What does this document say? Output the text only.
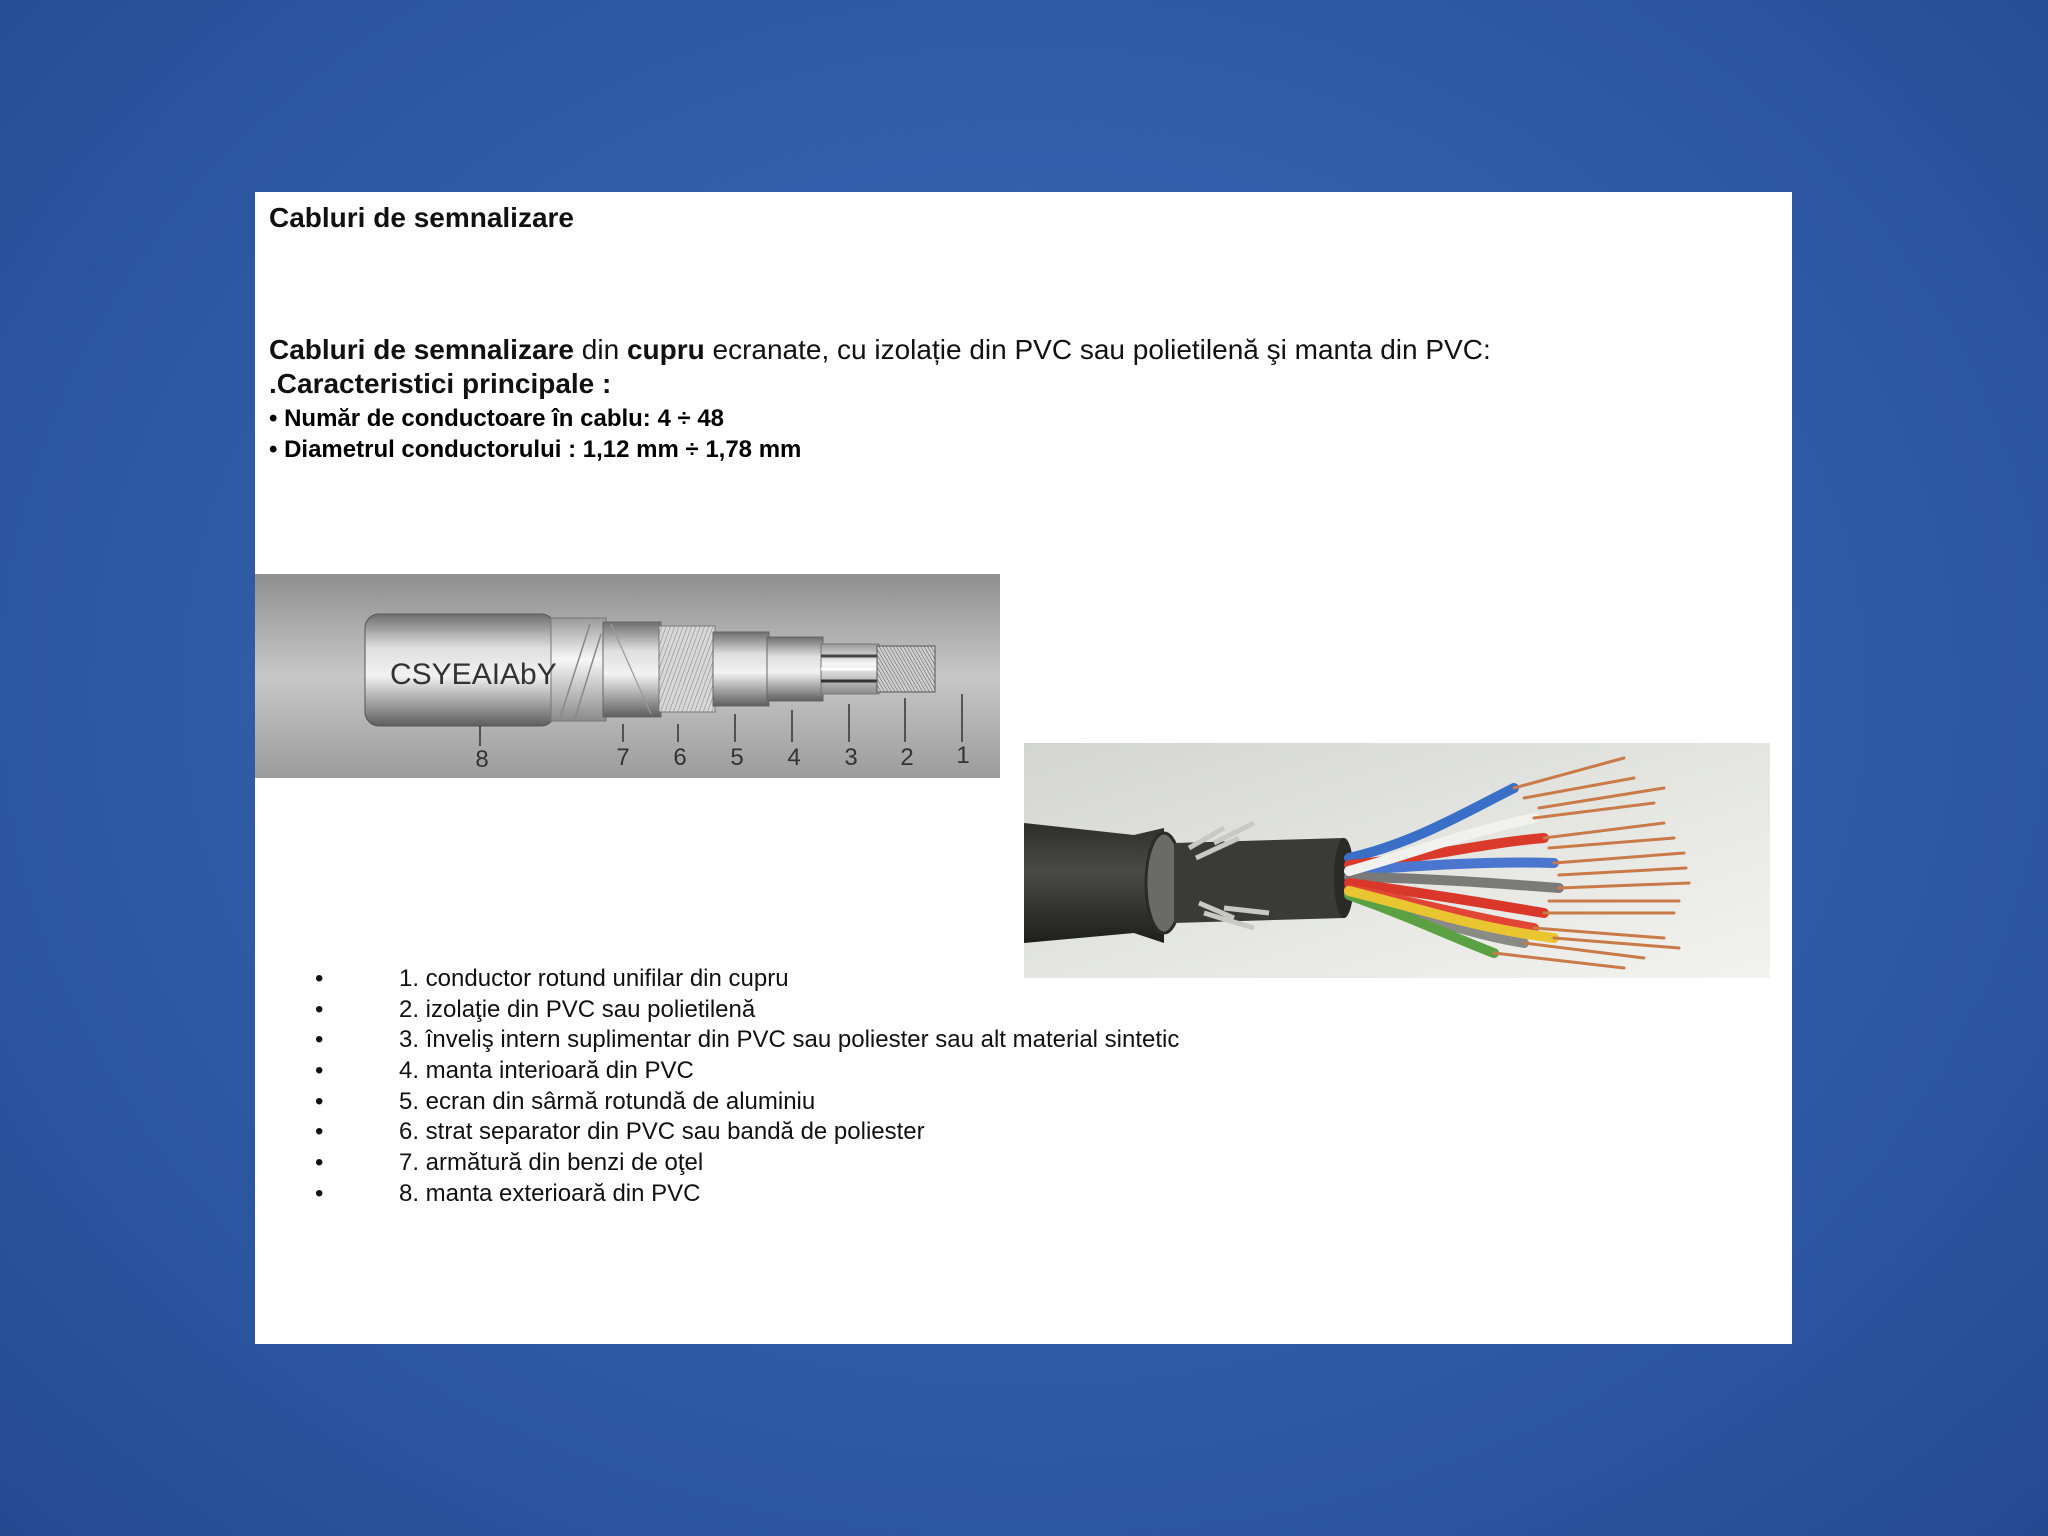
Cabluri de semnalizare
Cabluri de semnalizare din cupru ecranate, cu izolație din PVC sau polietilenă şi manta din PVC:
.Caracteristici principale :
• Număr de conductoare în cablu: 4 ÷ 48
• Diametrul conductorului : 1,12 mm ÷ 1,78 mm
CSYEAIAbY
8	7 6 5 4 3 2 1
•	1. conductor rotund unifilar din cupru
•	2. izolaţie din PVC sau polietilenă
•	3. înveliş intern suplimentar din PVC sau poliester sau alt material sintetic
•	4. manta interioară din PVC
•	5. ecran din sârmă rotundă de aluminiu
•	6. strat separator din PVC sau bandă de poliester
•	7. armătură din benzi de oţel
•	8. manta exterioară din PVC
